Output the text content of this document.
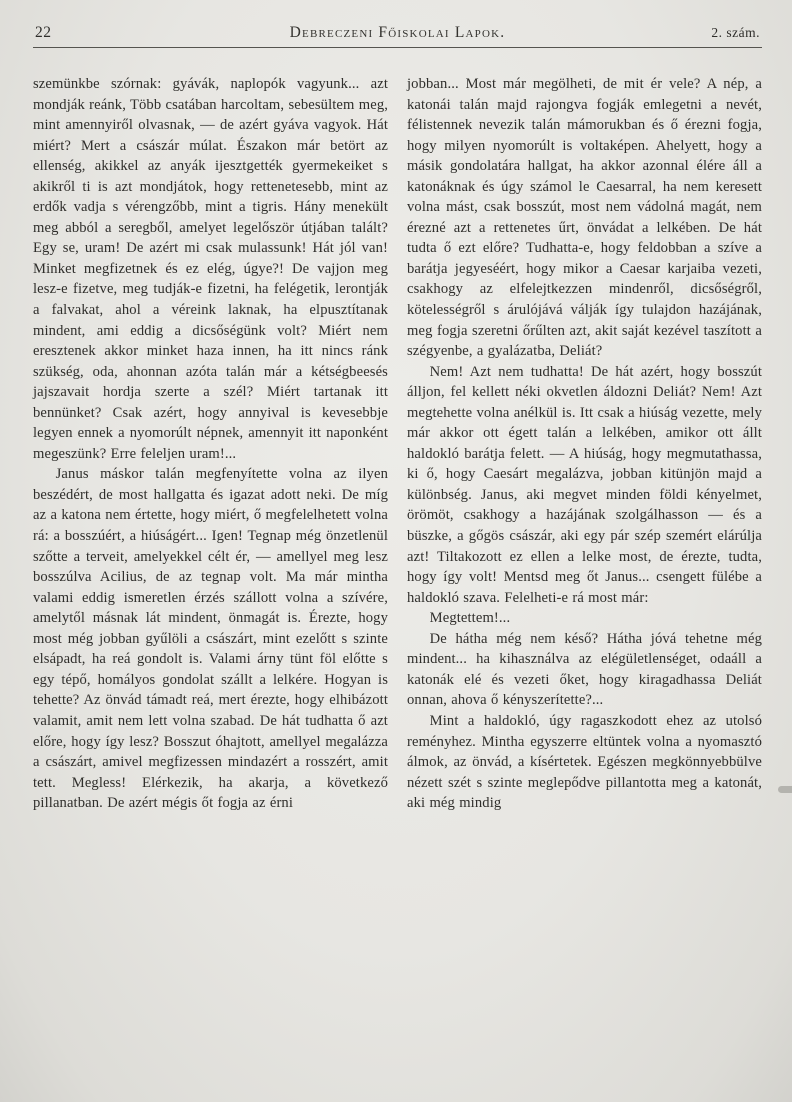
22	Debreczeni Főiskolai Lapok.	2. szám.

szemünkbe szórnak: gyávák, naplopók vagyunk... azt mondják reánk, Több csatában harcoltam, sebesültem meg, mint amennyiről olvasnak, — de azért gyáva vagyok. Hát miért? Mert a császár múlat. Északon már betört az ellenség, akikkel az anyák ijesztgették gyermekeiket s akikről ti is azt mondjátok, hogy rettenetesebb, mint az erdők vadja s vérengzőbb, mint a tigris. Hány menekült meg abból a seregből, amelyet legelőször útjában talált? Egy se, uram! De azért mi csak mulassunk! Hát jól van! Minket megfizetnek és ez elég, úgye?! De vajjon meg lesz-e fizetve, meg tudják-e fizetni, ha felégetik, lerontják a falvakat, ahol a véreink laknak, ha elpusztítanak mindent, ami eddig a dicsőségünk volt? Miért nem eresztenek akkor minket haza innen, ha itt nincs ránk szükség, oda, ahonnan azóta talán már a kétségbeesés jajszavait hordja szerte a szél? Miért tartanak itt bennünket? Csak azért, hogy annyival is kevesebbje legyen ennek a nyomorúlt népnek, amennyit itt naponként megeszünk? Erre feleljen uram!...

Janus máskor talán megfenyítette volna az ilyen beszédért, de most hallgatta és igazat adott neki. De míg az a katona nem értette, hogy miért, ő megfelelhetett volna rá: a bosszúért, a hiúságért... Igen! Tegnap még önzetlenül szőtte a terveit, amelyekkel célt ér, — amellyel meg lesz bosszúlva Acilius, de az tegnap volt. Ma már mintha valami eddig ismeretlen érzés szállott volna a szívére, amelytől másnak lát mindent, önmagát is. Érezte, hogy most még jobban gyűlöli a császárt, mint ezelőtt s szinte elsápadt, ha reá gondolt is. Valami árny tünt föl előtte s egy tépő, homályos gondolat szállt a lelkére. Hogyan is tehette? Az önvád támadt reá, mert érezte, hogy elhibázott valamit, amit nem lett volna szabad. De hát tudhatta ő azt előre, hogy így lesz? Bosszut óhajtott, amellyel megalázza a császárt, amivel megfizessen mindazért a rosszért, amit tett. Megless! Elérkezik, ha akarja, a következő pillanatban. De azért mégis őt fogja az érni

jobban... Most már megölheti, de mit ér vele? A nép, a katonái talán majd rajongva fogják emlegetni a nevét, félistennek nevezik talán mámorukban és ő érezni fogja, hogy milyen nyomorúlt is voltaképen. Ahelyett, hogy a másik gondolatára hallgat, ha akkor azonnal élére áll a katonáknak és úgy számol le Caesarral, ha nem keresett volna mást, csak bosszút, most nem vádolná magát, nem érezné azt a rettenetes űrt, önvádat a lelkében. De hát tudta ő ezt előre? Tudhatta-e, hogy feldobban a szíve a barátja jegyeséért, hogy mikor a Caesar karjaiba vezeti, csakhogy az elfelejtkezzen mindenről, dicsőségről, kötelességről s árulójává válják így tulajdon hazájának, meg fogja szeretni őrűlten azt, akit saját kezével taszított a szégyenbe, a gyalázatba, Deliát?

Nem! Azt nem tudhatta! De hát azért, hogy bosszút álljon, fel kellett néki okvetlen áldozni Deliát? Nem! Azt megtehette volna anélkül is. Itt csak a hiúság vezette, mely már akkor ott égett talán a lelkében, amikor ott állt haldokló barátja felett. — A hiúság, hogy megmutathassa, ki ő, hogy Caesárt megalázva, jobban kitünjön majd a különbség. Janus, aki megvet minden földi kényelmet, örömöt, csakhogy a hazájának szolgálhasson — és a büszke, a gőgös császár, aki egy pár szép szemért elárúlja azt! Tiltakozott ez ellen a lelke most, de érezte, tudta, hogy így volt! Mentsd meg őt Janus... csengett fülébe a haldokló szava. Felelheti-e rá most már:

Megtettem!...

De hátha még nem késő? Hátha jóvá tehetne még mindent... ha kihasználva az elégületlenséget, odaáll a katonák elé és vezeti őket, hogy kiragadhassa Deliát onnan, ahova ő kényszerítette?...

Mint a haldokló, úgy ragaszkodott ehez az utolsó reményhez. Mintha egyszerre eltüntek volna a nyomasztó álmok, az önvád, a kísértetek. Egészen megkönnyebbülve nézett szét s szinte meglepődve pillantotta meg a katonát, aki még mindig
